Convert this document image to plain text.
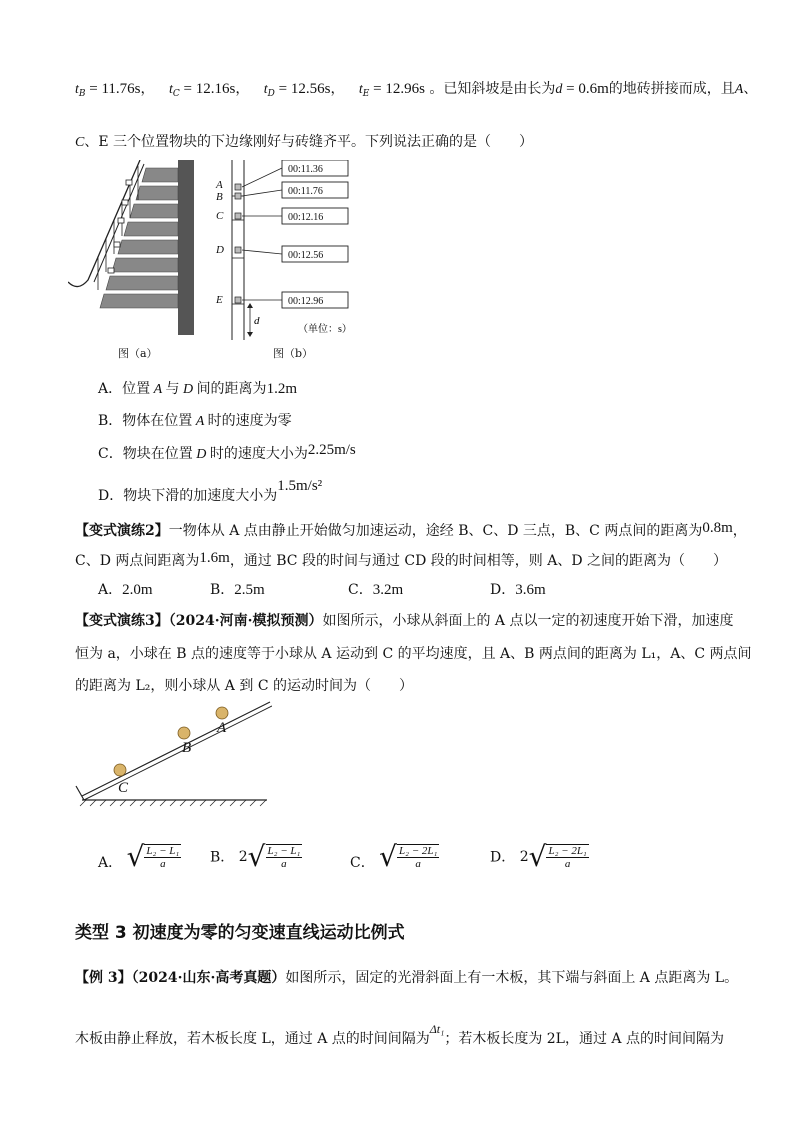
$t_B = 11.76s$， $t_C = 12.16s$， $t_D = 12.56s$， $t_E = 12.96s$ 。已知斜坡是由长为d = 0.6m的地砖拼接而成，且A、
C、E 三个位置物块的下边缘刚好与砖缝齐平。下列说法正确的是（　　）
图（a）
00:11.36
00:11.76
00:12.16
00:12.56
00:12.96
A
B
C
D
E
d
（单位：s）
图（b）
A．位置 A 与 D 间的距离为1.2m
B．物体在位置 A 时的速度为零
C．物块在位置 D 时的速度大小为2.25m/s
D．物块下滑的加速度大小为1.5m/s²
【变式演练2】一物体从 A 点由静止开始做匀加速运动，途经 B、C、D 三点，B、C 两点间的距离为0.8m，
C、D 两点间距离为1.6m，通过 BC 段的时间与通过 CD 段的时间相等，则 A、D 之间的距离为（　　）
A．2.0m	B．2.5m	C．3.2m	D．3.6m
【变式演练3】（2024·河南·模拟预测）如图所示，小球从斜面上的 A 点以一定的初速度开始下滑，加速度
恒为 a，小球在 B 点的速度等于小球从 A 运动到 C 的平均速度，且 A、B 两点间的距离为 L₁，A、C 两点间
的距离为 L₂，则小球从 A 到 C 的运动时间为（　　）
A
B
C
A． √ $\frac{\text{L₂ − L₁}}{a}$ B． 2 √ $\frac{\text{L₂ − L₁}}{a}$	C． √ $\frac{\text{L₂ − 2L₁}}{a}$	D． 2 √ $\frac{\text{L₂ − 2L₁}}{a}$
类型 3 初速度为零的匀变速直线运动比例式
【例 3】（2024·山东·高考真题）如图所示，固定的光滑斜面上有一木板，其下端与斜面上 A 点距离为 L。
木板由静止释放，若木板长度 L，通过 A 点的时间间隔为Δt₁；若木板长度为 2L，通过 A 点的时间间隔为
